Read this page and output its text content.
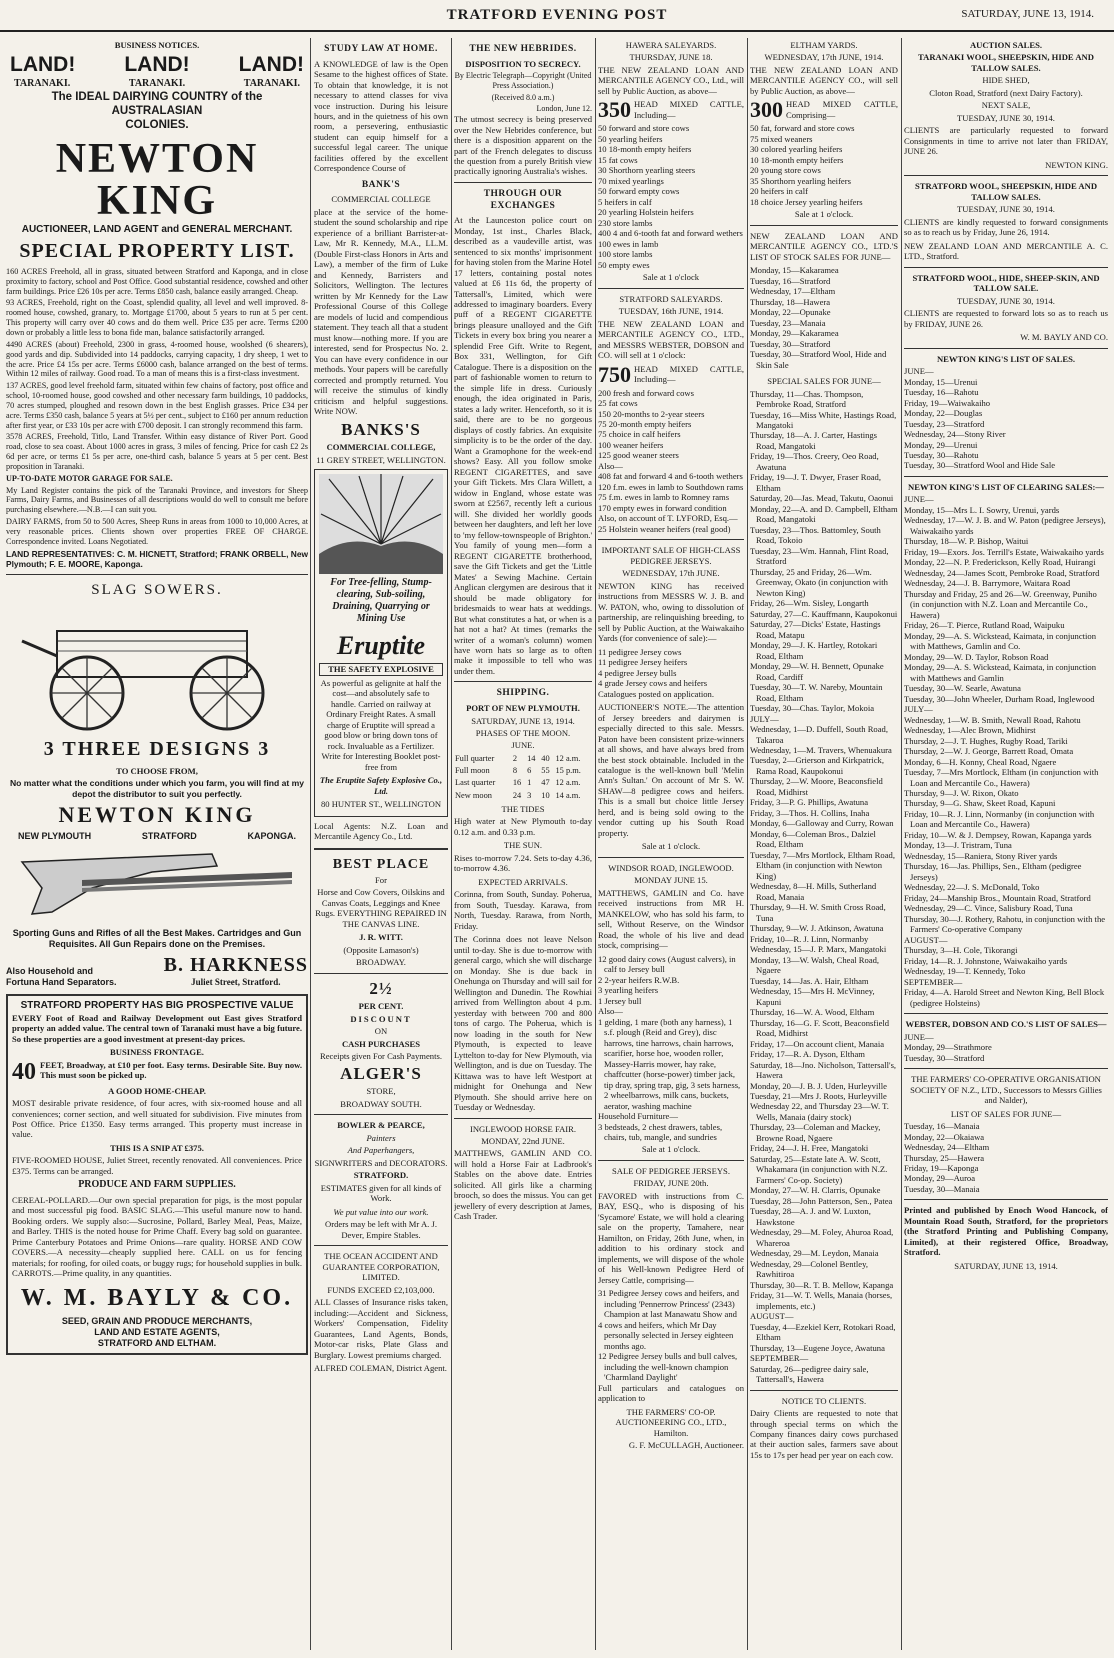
TRATFORD EVENING POST	SATURDAY, JUNE 13, 1914.
BUSINESS NOTICES.
LAND! LAND! LAND!
TARANAKI.	TARANAKI.	TARANAKI.
The IDEAL DAIRYING COUNTRY of the AUSTRALASIAN
COLONIES.
NEWTON KING
AUCTIONEER, LAND AGENT and GENERAL MERCHANT.
SPECIAL PROPERTY LIST.

160 ACRES Freehold, all in grass, situated between Stratford and Kaponga, and in close proximity to factory, school and Post Office. Good substantial residence, cowshed and other farm buildings. Price £26 10s per acre. Terms £850 cash, balance easily arranged. Cheap.

93 ACRES, Freehold, right on the Coast, splendid quality, all level and well improved. 8-roomed house, cowshed, granary, to. Mortgage £1700, about 5 years to run at 5 per cent. This property will carry over 40 cows and do them well. Price £35 per acre. Terms £200 down or probably a little less to bona fide man, balance satisfactorily arranged.

4490 ACRES (about) Freehold, 2300 in grass, 4-roomed house, woolshed (6 shearers), good yards and dip. Subdivided into 14 paddocks, carrying capacity, 1 dry sheep, 1 wet to the acre. Price £4 15s per acre. Terms £6000 cash, balance arranged on the best of terms. Within 12 miles of railway. Good road. To a man of means this is a first-class investment.

137 ACRES, good level freehold farm, situated within few chains of factory, post office and school, 10-roomed house, good cowshed and other necessary farm buildings, 10 paddocks, 70 acres stumped, ploughed and resown down in the best English grasses. Price £34 per acre. Terms £350 cash, balance 5 years at 5½ per cent., subject to £160 per annum reduction after first year, or £33 10s per acre with £700 deposit. I can strongly recommend this farm.

3578 ACRES, Freehold, Titlo, Land Transfer. Within easy distance of River Port. Good road, close to sea coast. About 1000 acres in grass, 3 miles of fencing. Price for cash £2 2s 6d per acre, or terms £1 5s per acre, one-third cash, balance 5 years at 5 per cent. Best proposition in Taranaki.

UP-TO-DATE MOTOR GARAGE FOR SALE.

My Land Register contains the pick of the Taranaki Province, and investors for Sheep Farms, Dairy Farms, and Businesses of all descriptions would do well to consult me before purchasing elsewhere.—N.B.—I can suit you.

DAIRY FARMS, from 50 to 500 Acres, Sheep Runs in areas from 1000 to 10,000 Acres, at very reasonable prices. Clients shown over properties FREE OF CHARGE. Correspondence invited. Loans Negotiated.

LAND REPRESENTATIVES: C. M. HICNETT, Stratford; FRANK ORBELL, New Plymouth; F. E. MOORE, Kaponga.

SLAG SOWERS.
3 THREE DESIGNS 3
TO CHOOSE FROM,

No matter what the conditions under which you farm, you will find at my depot the distributor to suit you perfectly.

NEWTON KING
NEW PLYMOUTH	STRATFORD	KAPONGA.

Sporting Guns and Rifles of all the Best Makes. Cartridges and Gun Requisites. All Gun Repairs done on the Premises.

Also Household and Fortuna Hand Separators.
B. HARKNESS
Juliet Street, Stratford.
STRATFORD PROPERTY HAS BIG PROSPECTIVE VALUE

EVERY Foot of Road and Railway Development out East gives Stratford property an added value. The central town of Taranaki must have a big future. So these properties are a good investment at present-day prices.

BUSINESS FRONTAGE.

40 FEET, Broadway, at £10 per foot. Easy terms. Desirable Site. Buy now. This must soon be picked up.

A GOOD HOME-CHEAP.

MOST desirable private residence, of four acres, with six-roomed house and all conveniences; corner section, and well situated for subdivision. Five minutes from Post Office. Price £1350. Easy terms arranged. This property must increase in value.

THIS IS A SNIP AT £375.

FIVE-ROOMED HOUSE, Juliet Street, recently renovated. All conveniences. Price £375. Terms can be arranged.

PRODUCE AND FARM SUPPLIES.

CEREAL-POLLARD.—Our own special preparation for pigs, is the most popular and most successful pig food. BASIC SLAG.—This useful manure now to hand. Booking orders. We supply also:—Sucrosine, Pollard, Barley Meal, Peas, Maize, and Barley. THIS is the noted house for Prime Chaff. Every bag sold on guarantee. Prime Canterbury Potatoes and Prime Onions—rare quality. HORSE AND COW COVERS.—A necessity—cheaply supplied here. CALL on us for fencing materials; for roofing, for oiled coats, or buggy rugs; for household supplies in bulk. CARROTS.—Prime quality, in any quantities.

W. M. BAYLY & CO.
SEED, GRAIN AND PRODUCE MERCHANTS,
LAND AND ESTATE AGENTS,
STRATFORD AND ELTHAM.
STUDY LAW AT HOME.

A KNOWLEDGE of law is the Open Sesame to the highest offices of State. To obtain that knowledge, it is not necessary to attend classes for viva voce instruction. During his leisure hours, and in the quietness of his own room, a persevering, enthusiastic student can equip himself for a successful legal career. The unique facilities offered by the excellent Correspondence Course of

BANK'S
COMMERCIAL COLLEGE

place at the service of the home-student the sound scholarship and ripe experience of a brilliant Barrister-at-Law, Mr R. Kennedy, M.A., LL.M. (Double First-class Honors in Arts and Law), a member of the firm of Luke and Kennedy, Barristers and Solicitors, Wellington. The lectures written by Mr Kennedy for the Law Professional Course of this College are models of lucid and compendious statement. They teach all that a student must know—nothing more. If you are interested, send for Prospectus No. 2. You can have every confidence in our methods. Your papers will be carefully corrected and promptly returned. You will receive the stimulus of kindly criticism and helpful suggestions. Write NOW.

BANKS'S
COMMERCIAL COLLEGE,
11 GREY STREET, WELLINGTON.

For Tree-felling, Stump-clearing, Sub-soiling, Draining, Quarrying or Mining Use

Eruptite
THE SAFETY EXPLOSIVE

As powerful as gelignite at half the cost—and absolutely safe to handle. Carried on railway at Ordinary Freight Rates. A small charge of Eruptite will spread a good blow or bring down tons of rock. Invaluable as a Fertilizer. Write for Interesting Booklet post-free from

The Eruptite Safety Explosive Co., Ltd.

80 HUNTER ST., WELLINGTON

Local Agents: N.Z. Loan and Mercantile Agency Co., Ltd.

BEST PLACE
For

Horse and Cow Covers, Oilskins and Canvas Coats, Leggings and Knee Rugs. EVERYTHING REPAIRED IN THE CANVAS LINE.

J. R. WITT.
(Opposite Lamason's)
BROADWAY.
2½
PER CENT.
DISCOUNT
ON
CASH PURCHASES
Receipts given For Cash Payments.
ALGER'S
STORE,
BROADWAY SOUTH.
BOWLER & PEARCE,
Painters
And Paperhangers,
SIGNWRITERS and DECORATORS.
STRATFORD.

ESTIMATES given for all kinds of Work.

We put value into our work.
Orders may be left with Mr A. J. Dever, Empire Stables.
THE OCEAN ACCIDENT AND GUARANTEE CORPORATION, LIMITED.
FUNDS EXCEED £2,103,000.

ALL Classes of Insurance risks taken, including:—Accident and Sickness, Workers' Compensation, Fidelity Guarantees, Land Agents, Bonds, Motor-car risks, Plate Glass and Burglary. Lowest premiums charged.

ALFRED COLEMAN, District Agent.

THE NEW HEBRIDES.
DISPOSITION TO SECRECY.
By Electric Telegraph—Copyright (United Press Association.)
(Received 8.0 a.m.)
London, June 12.

The utmost secrecy is being preserved over the New Hebrides conference, but there is a disposition apparent on the part of the French delegates to discuss the question from a purely British view practically ignoring Australia's wishes.

THROUGH OUR EXCHANGES

At the Launceston police court on Monday, 1st inst., Charles Black, described as a vaudeville artist, was sentenced to six months' imprisonment for having stolen from the Marine Hotel 17 letters, containing postal notes valued at £6 11s 6d, the property of Tattersall's, Limited, which were addressed to imaginary boarders. Every puff of a REGENT CIGARETTE brings pleasure unalloyed and the Gift Tickets in every box bring you nearer a splendid Free Gift. Write to Regent, Box 331, Wellington, for Gift Catalogue. There is a disposition on the part of fashionable women to return to the simple life in dress. Curiously enough, the idea originated in Paris, states a lady writer. Henceforth, so it is said, there are to be no gorgeous displays of costly fabrics. An exquisite simplicity is to be the order of the day. Want a Gramophone for the week-end shows? Easy. All you follow smoke REGENT CIGARETTES, and save your Gift Tickets. Mrs Clara Willett, a widow in England, whose estate was sworn at £2567, recently left a curious will. She divided her worldly goods between her daughters, and left her love to 'my fellow-townspeople of Brighton.' You family of young men—form a REGENT CIGARETTE brotherhood, save the Gift Tickets and get the 'Little Mates' a Sewing Machine. Certain Anglican clergymen are desirous that it should be made obligatory for bridesmaids to wear hats at weddings. But what constitutes a hat, or when is a hat not a hat? At times (remarks the writer of a woman's column) women have worn hats so large as to often make it impossible to tell who was under them.

SHIPPING.
PORT OF NEW PLYMOUTH.
SATURDAY, JUNE 13, 1914.
PHASES OF THE MOON.
JUNE.
Full quarter	2	14	40	12 a.m.
Full moon	8	6	55	15 p.m.
Last quarter	16	1	47	12 a.m.
New moon	24	3	10	14 a.m.
THE TIDES

High water at New Plymouth to-day 0.12 a.m. and 0.33 p.m.

THE SUN.

Rises to-morrow 7.24. Sets to-day 4.36, to-morrow 4.36.

EXPECTED ARRIVALS.

Corinna, from South, Sunday. Poherua, from South, Tuesday. Karawa, from North, Tuesday. Rarawa, from North, Friday.

The Corinna does not leave Nelson until to-day. She is due to-morrow with general cargo, which she will discharge on Monday. She is due back in Onehunga on Thursday and will sail for Wellington and Dunedin. The Rowhiai arrived from Wellington about 4 p.m. yesterday with between 700 and 800 tons of cargo. The Poherua, which is now loading in the south for New Plymouth, is expected to leave Lyttelton to-day for New Plymouth, via Wellington, and is due on Tuesday. The Kittawa was to have left Westport at midnight for Onehunga and New Plymouth. She should arrive here on Tuesday or Wednesday.

INGLEWOOD HORSE FAIR.
MONDAY, 22nd JUNE.

MATTHEWS, GAMLIN AND CO. will hold a Horse Fair at Ladbrook's Stables on the above date. Entries solicited. All girls like a charming brooch, so does the missus. You can get jewellery of every description at James, Cash Trader.

HAWERA SALEYARDS.
THURSDAY, JUNE 18.

THE NEW ZEALAND LOAN AND MERCANTILE AGENCY CO., Ltd., will sell by Public Auction, as above—

350 HEAD MIXED CATTLE, Including—

50 forward and store cows
50 yearling heifers
10 18-month empty heifers
15 fat cows
30 Shorthorn yearling steers
70 mixed yearlings
50 forward empty cows
5 heifers in calf
20 yearling Holstein heifers
230 store lambs
400 4 and 6-tooth fat and forward wethers
100 ewes in lamb
100 store lambs
50 empty ewes
Sale at 1 o'clock
STRATFORD SALEYARDS.
TUESDAY, 16th JUNE, 1914.

THE NEW ZEALAND LOAN and MERCANTILE AGENCY CO., LTD., and MESSRS WEBSTER, DOBSON and CO. will sell at 1 o'clock:

750 HEAD MIXED CATTLE, Including—

200 fresh and forward cows
25 fat cows
150 20-months to 2-year steers
75 20-month empty heifers
75 choice in calf heifers
100 weaner heifers
125 good weaner steers
Also—
408 fat and forward 4 and 6-tooth wethers
120 f.m. ewes in lamb to Southdown rams
75 f.m. ewes in lamb to Romney rams
170 empty ewes in forward condition
Also, on account of T. LYFORD, Esq.—
25 Holstein weaner heifers (real good)
IMPORTANT SALE OF HIGH-CLASS PEDIGREE JERSEYS.
WEDNESDAY, 17th JUNE.

NEWTON KING has received instructions from MESSRS W. J. B. and W. PATON, who, owing to dissolution of partnership, are relinquishing breeding, to sell by Public Auction, at the Waiwakaiho Yards (for convenience of sale):—

11 pedigree Jersey cows
11 pedigree Jersey heifers
4 pedigree Jersey bulls
4 grade Jersey cows and heifers

Catalogues posted on application.

AUCTIONEER'S NOTE.—The attention of Jersey breeders and dairymen is especially directed to this sale. Messrs. Paton have been consistent prize-winners at all shows, and have always bred from the best stock obtainable. Included in the catalogue is the well-known bull 'Melin Ann's Sultan.' On account of Mr S. W. SHAW—8 pedigree cows and heifers. This is a small but choice little Jersey herd, and is being sold owing to the vendor cutting up his South Road property.

Sale at 1 o'clock.
WINDSOR ROAD, INGLEWOOD.
MONDAY JUNE 15.

MATTHEWS, GAMLIN and Co. have received instructions from MR H. MANKELOW, who has sold his farm, to sell, Without Reserve, on the Windsor Road, the whole of his live and dead stock, comprising—

12 good dairy cows (August calvers), in calf to Jersey bull
2 2-year heifers R.W.B.
3 yearling heifers
1 Jersey bull
Also—
1 gelding, 1 mare (both any harness), 1 s.f. plough (Reid and Grey), disc harrows, tine harrows, chain harrows, scarifier, horse hoe, wooden roller, Massey-Harris mower, hay rake, chaffcutter (horse-power) timber jack, tip dray, spring trap, gig, 3 sets harness, 2 wheelbarrows, milk cans, buckets, aerator, washing machine
Household Furniture—
3 bedsteads, 2 chest drawers, tables, chairs, tub, mangle, and sundries
Sale at 1 o'clock.
SALE OF PEDIGREE JERSEYS.
FRIDAY, JUNE 20th.

FAVORED with instructions from C. BAY, ESQ., who is disposing of his 'Sycamore' Estate, we will hold a clearing sale on the property, Tamahere, near Hamilton, on Friday, 26th June, when, in addition to his ordinary stock and implements, we will dispose of the whole of his Well-known Pedigree Herd of Jersey Cattle, comprising—

31 Pedigree Jersey cows and heifers, and including 'Pennerrow Princess' (2343) Champion at last Manawatu Show and
4 cows and heifers, which Mr Day personally selected in Jersey eighteen months ago.
12 Pedigree Jersey bulls and bull calves, including the well-known champion 'Charmland Daylight'

Full particulars and catalogues on application to

THE FARMERS' CO-OP. AUCTIONEERING CO., LTD., Hamilton.
G. F. McCULLAGH, Auctioneer.
ELTHAM YARDS.
WEDNESDAY, 17th JUNE, 1914.

THE NEW ZEALAND LOAN AND MERCANTILE AGENCY CO., will sell by Public Auction, as above—

300 HEAD MIXED CATTLE, Comprising—

50 fat, forward and store cows
75 mixed weaners
30 colored yearling heifers
10 18-month empty heifers
20 young store cows
35 Shorthorn yearling heifers
20 heifers in calf
18 choice Jersey yearling heifers
Sale at 1 o'clock.

NEW ZEALAND LOAN AND MERCANTILE AGENCY CO., LTD.'S LIST OF STOCK SALES FOR JUNE—

Monday, 15—Kakaramea
Tuesday, 16—Stratford
Wednesday, 17—Eltham
Thursday, 18—Hawera
Monday, 22—Opunake
Tuesday, 23—Manaia
Monday, 29—Kakaramea
Tuesday, 30—Stratford
Tuesday, 30—Stratford Wool, Hide and Skin Sale
SPECIAL SALES FOR JUNE—
Thursday, 11—Chas. Thompson, Pembroke Road, Stratford
Tuesday, 16—Miss White, Hastings Road, Mangatoki
Thursday, 18—A. J. Carter, Hastings Road, Mangatoki
Friday, 19—Thos. Creery, Oeo Road, Awatuna
Friday, 19—J. T. Dwyer, Fraser Road, Eltham
Saturday, 20—Jas. Mead, Takutu, Oaonui
Monday, 22—A. and D. Campbell, Eltham Road, Mangatoki
Tuesday, 23—Thos. Battomley, South Road, Tokoio
Tuesday, 23—Wm. Hannah, Flint Road, Stratford
Thursday, 25 and Friday, 26—Wm. Greenway, Okato (in conjunction with Newton King)
Friday, 26—Wm. Sisley, Longarth
Saturday, 27—C. Kauffmann, Kaupokonui
Saturday, 27—Dicks' Estate, Hastings Road, Matapu
Monday, 29—J. K. Hartley, Rotokari Road, Eltham
Monday, 29—W. H. Bennett, Opunake Road, Cardiff
Tuesday, 30—T. W. Nareby, Mountain Road, Eltham
Tuesday, 30—Chas. Taylor, Mokoia
JULY—
Wednesday, 1—D. Duffell, South Road, Takaroa
Wednesday, 1—M. Travers, Whenuakura
Tuesday, 2—Grierson and Kirkpatrick, Rama Road, Kaupokonui
Thursday, 2—W. Moore, Beaconsfield Road, Midhirst
Friday, 3—P. G. Phillips, Awatuna
Friday, 3—Thos. H. Collins, Inaha
Monday, 6—Galloway and Curry, Rowan
Monday, 6—Coleman Bros., Dalziel Road, Eltham
Tuesday, 7—Mrs Mortlock, Eltham Road, Eltham (in conjunction with Newton King)
Wednesday, 8—H. Mills, Sutherland Road, Manaia
Thursday, 9—H. W. Smith Cross Road, Tuna
Thursday, 9—W. J. Atkinson, Awatuna
Friday, 10—R. J. Linn, Normanby
Wednesday, 15—J. P. Marx, Mangatoki
Monday, 13—W. Walsh, Cheal Road, Ngaere
Tuesday, 14—Jas. A. Hair, Eltham
Wednesday, 15—Mrs H. McVinney, Kapuni
Thursday, 16—W. A. Wood, Eltham
Thursday, 16—G. F. Scott, Beaconsfield Road, Midhirst
Friday, 17—On account client, Manaia
Friday, 17—R. A. Dyson, Eltham
Saturday, 18—Jno. Nicholson, Tattersall's, Hawera
Monday, 20—J. B. J. Uden, Hurleyville
Tuesday, 21—Mrs J. Roots, Hurleyville
Wednesday 22, and Thursday 23—W. T. Wells, Manaia (dairy stock)
Thursday, 23—Coleman and Mackey, Browne Road, Ngaere
Friday, 24—J. H. Free, Mangatoki
Saturday, 25—Estate late A. W. Scott, Whakamara (in conjunction with N.Z. Farmers' Co-op. Society)
Monday, 27—W. H. Clarris, Opunake
Tuesday, 28—John Patterson, Sen., Patea
Tuesday, 28—A. J. and W. Luxton, Hawkstone
Wednesday, 29—M. Foley, Ahuroa Road, Whareroa
Wednesday, 29—M. Leydon, Manaia
Wednesday, 29—Colonel Bentley, Rawhitiroa
Thursday, 30—R. T. B. Mellow, Kapanga
Friday, 31—W. T. Wells, Manaia (horses, implements, etc.)
AUGUST—
Tuesday, 4—Ezekiel Kerr, Rotokari Road, Eltham
Thursday, 13—Eugene Joyce, Awatuna
SEPTEMBER—
Saturday, 26—pedigree dairy sale, Tattersall's, Hawera
NOTICE TO CLIENTS.

Dairy Clients are requested to note that through special terms on which the Company finances dairy cows purchased at their auction sales, farmers save about 15s to 17s per head per year on each cow.

AUCTION SALES.
TARANAKI WOOL, SHEEPSKIN, HIDE AND TALLOW SALES.
HIDE SHED,
Cloton Road, Stratford (next Dairy Factory).
NEXT SALE,
TUESDAY, JUNE 30, 1914.

CLIENTS are particularly requested to forward Consignments in time to arrive not later than FRIDAY, JUNE 26.

NEWTON KING.
STRATFORD WOOL, SHEEPSKIN, HIDE AND TALLOW SALES.
TUESDAY, JUNE 30, 1914.

CLIENTS are kindly requested to forward consignments so as to reach us by Friday, June 26, 1914.

NEW ZEALAND LOAN AND MERCANTILE A. C. LTD., Stratford.

STRATFORD WOOL, HIDE, SHEEP-SKIN, AND TALLOW SALE.
TUESDAY, JUNE 30, 1914.

CLIENTS are requested to forward lots so as to reach us by FRIDAY, JUNE 26.

W. M. BAYLY AND CO.
NEWTON KING'S LIST OF SALES.
JUNE—
Monday, 15—Urenui
Tuesday, 16—Rahotu
Friday, 19—Waiwakaiho
Monday, 22—Douglas
Tuesday, 23—Stratford
Wednesday, 24—Stony River
Monday, 29—Urenui
Tuesday, 30—Rahotu
Tuesday, 30—Stratford Wool and Hide Sale
NEWTON KING'S LIST OF CLEARING SALES:—
JUNE—
Monday, 15—Mrs L. I. Sowry, Urenui, yards
Wednesday, 17—W. J. B. and W. Paton (pedigree Jerseys), Waiwakaiho yards
Thursday, 18—W. P. Bishop, Waitui
Friday, 19—Exors. Jos. Terrill's Estate, Waiwakaiho yards
Monday, 22—N. P. Frederickson, Kelly Road, Huirangi
Wednesday, 24—James Scott, Pembroke Road, Stratford
Wednesday, 24—J. B. Barrymore, Waitara Road
Thursday and Friday, 25 and 26—W. Greenway, Puniho (in conjunction with N.Z. Loan and Mercantile Co., Hawera)
Friday, 26—T. Pierce, Rutland Road, Waipuku
Monday, 29—A. S. Wickstead, Kaimata, in conjunction with Matthews, Gamlin and Co.
Monday, 29—W. D. Taylor, Robson Road
Monday, 29—A. S. Wickstead, Kaimata, in conjunction with Matthews and Gamlin
Tuesday, 30—W. Searle, Awatuna
Tuesday, 30—John Wheeler, Durham Road, Inglewood
JULY—
Wednesday, 1—W. B. Smith, Newall Road, Rahotu
Wednesday, 1—Alec Brown, Midhirst
Thursday, 2—J. T. Hughes, Rugby Road, Tariki
Thursday, 2—W. J. George, Barrett Road, Omata
Monday, 6—H. Konny, Cheal Road, Ngaere
Tuesday, 7—Mrs Mortlock, Eltham (in conjunction with Loan and Mercantile Co., Hawera)
Thursday, 9—J. W. Rixon, Okato
Thursday, 9—G. Shaw, Skeet Road, Kapuni
Friday, 10—R. J. Linn, Normanby (in conjunction with Loan and Mercantile Co., Hawera)
Friday, 10—W. & J. Dempsey, Rowan, Kapanga yards
Monday, 13—J. Tristram, Tuna
Wednesday, 15—Raniera, Stony River yards
Thursday, 16—Jas. Phillips, Sen., Eltham (pedigree Jerseys)
Wednesday, 22—J. S. McDonald, Toko
Friday, 24—Manship Bros., Mountain Road, Stratford
Wednesday, 29—C. Vince, Salisbury Road, Tuna
Thursday, 30—J. Rothery, Rahotu, in conjunction with the Farmers' Co-operative Company
AUGUST—
Thursday, 3—H. Cole, Tikorangi
Friday, 14—R. J. Johnstone, Waiwakaiho yards
Wednesday, 19—T. Kennedy, Toko
SEPTEMBER—
Friday, 4—A. Harold Street and Newton King, Bell Block (pedigree Holsteins)
WEBSTER, DOBSON AND CO.'S LIST OF SALES—
JUNE—
Monday, 29—Strathmore
Tuesday, 30—Stratford

THE FARMERS' CO-OPERATIVE ORGANISATION SOCIETY OF N.Z., LTD., Successors to Messrs Gillies and Nalder),

LIST OF SALES FOR JUNE—
Tuesday, 16—Manaia
Monday, 22—Okaiawa
Wednesday, 24—Eltham
Thursday, 25—Hawera
Friday, 19—Kaponga
Monday, 29—Auroa
Tuesday, 30—Manaia

Printed and published by Enoch Wood Hancock, of Mountain Road South, Stratford, for the proprietors (the Stratford Printing and Publishing Company, Limited), at their registered Office, Broadway, Stratford.

SATURDAY, JUNE 13, 1914.
